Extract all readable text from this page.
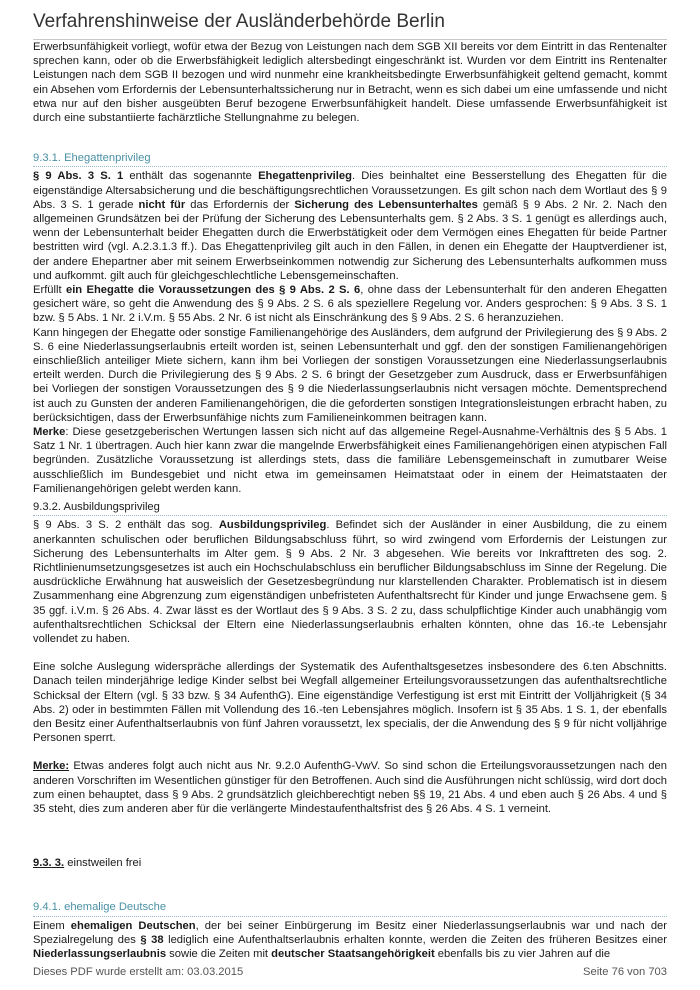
Verfahrenshinweise der Ausländerbehörde Berlin

Erwerbsunfähigkeit vorliegt, wofür etwa der Bezug von Leistungen nach dem SGB XII bereits vor dem Eintritt in das Rentenalter sprechen kann, oder ob die Erwerbsfähigkeit lediglich altersbedingt eingeschränkt ist. Wurden vor dem Eintritt ins Rentenalter Leistungen nach dem SGB II bezogen und wird nunmehr eine krankheitsbedingte Erwerbsunfähigkeit geltend gemacht, kommt ein Absehen vom Erfordernis der Lebensunterhaltssicherung nur in Betracht, wenn es sich dabei um eine umfassende und nicht etwa nur auf den bisher ausgeübten Beruf bezogene Erwerbsunfähigkeit handelt. Diese umfassende Erwerbsunfähigkeit ist durch eine substantiierte fachärztliche Stellungnahme zu belegen.

9.3.1. Ehegattenprivileg

§ 9 Abs. 3 S. 1 enthält das sogenannte Ehegattenprivileg. Dies beinhaltet eine Besserstellung des Ehegatten für die eigenständige Altersabsicherung und die beschäftigungsrechtlichen Voraussetzungen. Es gilt schon nach dem Wortlaut des § 9 Abs. 3 S. 1 gerade nicht für das Erfordernis der Sicherung des Lebensunterhaltes gemäß § 9 Abs. 2 Nr. 2. Nach den allgemeinen Grundsätzen bei der Prüfung der Sicherung des Lebensunterhalts gem. § 2 Abs. 3 S. 1 genügt es allerdings auch, wenn der Lebensunterhalt beider Ehegatten durch die Erwerbstätigkeit oder dem Vermögen eines Ehegatten für beide Partner bestritten wird (vgl. A.2.3.1.3 ff.). Das Ehegattenprivileg gilt auch in den Fällen, in denen ein Ehegatte der Hauptverdiener ist, der andere Ehepartner aber mit seinem Erwerbseinkommen notwendig zur Sicherung des Lebensunterhalts aufkommen muss und aufkommt. gilt auch für gleichgeschlechtliche Lebensgemeinschaften.

Erfüllt ein Ehegatte die Voraussetzungen des § 9 Abs. 2 S. 6, ohne dass der Lebensunterhalt für den anderen Ehegatten gesichert wäre, so geht die Anwendung des § 9 Abs. 2 S. 6 als speziellere Regelung vor. Anders gesprochen: § 9 Abs. 3 S. 1 bzw. § 5 Abs. 1 Nr. 2 i.V.m. § 55 Abs. 2 Nr. 6 ist nicht als Einschränkung des § 9 Abs. 2 S. 6 heranzuziehen.

Kann hingegen der Ehegatte oder sonstige Familienangehörige des Ausländers, dem aufgrund der Privilegierung des § 9 Abs. 2 S. 6 eine Niederlassungserlaubnis erteilt worden ist, seinen Lebensunterhalt und ggf. den der sonstigen Familienangehörigen einschließlich anteiliger Miete sichern, kann ihm bei Vorliegen der sonstigen Voraussetzungen eine Niederlassungserlaubnis erteilt werden. Durch die Privilegierung des § 9 Abs. 2 S. 6 bringt der Gesetzgeber zum Ausdruck, dass er Erwerbsunfähigen bei Vorliegen der sonstigen Voraussetzungen des § 9 die Niederlassungserlaubnis nicht versagen möchte. Dementsprechend ist auch zu Gunsten der anderen Familienangehörigen, die die geforderten sonstigen Integrationsleistungen erbracht haben, zu berücksichtigen, dass der Erwerbsunfähige nichts zum Familieneinkommen beitragen kann.

Merke: Diese gesetzgeberischen Wertungen lassen sich nicht auf das allgemeine Regel-Ausnahme-Verhältnis des § 5 Abs. 1 Satz 1 Nr. 1 übertragen. Auch hier kann zwar die mangelnde Erwerbsfähigkeit eines Familienangehörigen einen atypischen Fall begründen. Zusätzliche Voraussetzung ist allerdings stets, dass die familiäre Lebensgemeinschaft in zumutbarer Weise ausschließlich im Bundesgebiet und nicht etwa im gemeinsamen Heimatstaat oder in einem der Heimatstaaten der Familienangehörigen gelebt werden kann.

9.3.2. Ausbildungsprivileg

§ 9 Abs. 3 S. 2 enthält das sog. Ausbildungsprivileg. Befindet sich der Ausländer in einer Ausbildung, die zu einem anerkannten schulischen oder beruflichen Bildungsabschluss führt, so wird zwingend vom Erfordernis der Leistungen zur Sicherung des Lebensunterhalts im Alter gem. § 9 Abs. 2 Nr. 3 abgesehen. Wie bereits vor Inkrafttreten des sog. 2. Richtlinienumsetzungsgesetzes ist auch ein Hochschulabschluss ein beruflicher Bildungsabschluss im Sinne der Regelung. Die ausdrückliche Erwähnung hat ausweislich der Gesetzesbegründung nur klarstellenden Charakter. Problematisch ist in diesem Zusammenhang eine Abgrenzung zum eigenständigen unbefristeten Aufenthaltsrecht für Kinder und junge Erwachsene gem. § 35 ggf. i.V.m. § 26 Abs. 4. Zwar lässt es der Wortlaut des § 9 Abs. 3 S. 2 zu, dass schulpflichtige Kinder auch unabhängig vom aufenthaltsrechtlichen Schicksal der Eltern eine Niederlassungserlaubnis erhalten könnten, ohne das 16.-te Lebensjahr vollendet zu haben.

Eine solche Auslegung widerspräche allerdings der Systematik des Aufenthaltsgesetzes insbesondere des 6.ten Abschnitts. Danach teilen minderjährige ledige Kinder selbst bei Wegfall allgemeiner Erteilungsvoraussetzungen das aufenthaltsrechtliche Schicksal der Eltern (vgl. § 33 bzw. § 34 AufenthG). Eine eigenständige Verfestigung ist erst mit Eintritt der Volljährigkeit (§ 34 Abs. 2) oder in bestimmten Fällen mit Vollendung des 16.-ten Lebensjahres möglich. Insofern ist § 35 Abs. 1 S. 1, der ebenfalls den Besitz einer Aufenthaltserlaubnis von fünf Jahren voraussetzt, lex specialis, der die Anwendung des § 9 für nicht volljährige Personen sperrt.

Merke: Etwas anderes folgt auch nicht aus Nr. 9.2.0 AufenthG-VwV. So sind schon die Erteilungsvoraussetzungen nach den anderen Vorschriften im Wesentlichen günstiger für den Betroffenen. Auch sind die Ausführungen nicht schlüssig, wird dort doch zum einen behauptet, dass § 9 Abs. 2 grundsätzlich gleichberechtigt neben §§ 19, 21 Abs. 4 und eben auch § 26 Abs. 4 und § 35 steht, dies zum anderen aber für die verlängerte Mindestaufenthaltsfrist des § 26 Abs. 4 S. 1 verneint.

9.3. 3. einstweilen frei

9.4.1. ehemalige Deutsche

Einem ehemaligen Deutschen, der bei seiner Einbürgerung im Besitz einer Niederlassungserlaubnis war und nach der Spezialregelung des § 38 lediglich eine Aufenthaltserlaubnis erhalten konnte, werden die Zeiten des früheren Besitzes einer Niederlassungserlaubnis sowie die Zeiten mit deutscher Staatsangehörigkeit ebenfalls bis zu vier Jahren auf die

Dieses PDF wurde erstellt am: 03.03.2015	Seite 76 von 703
